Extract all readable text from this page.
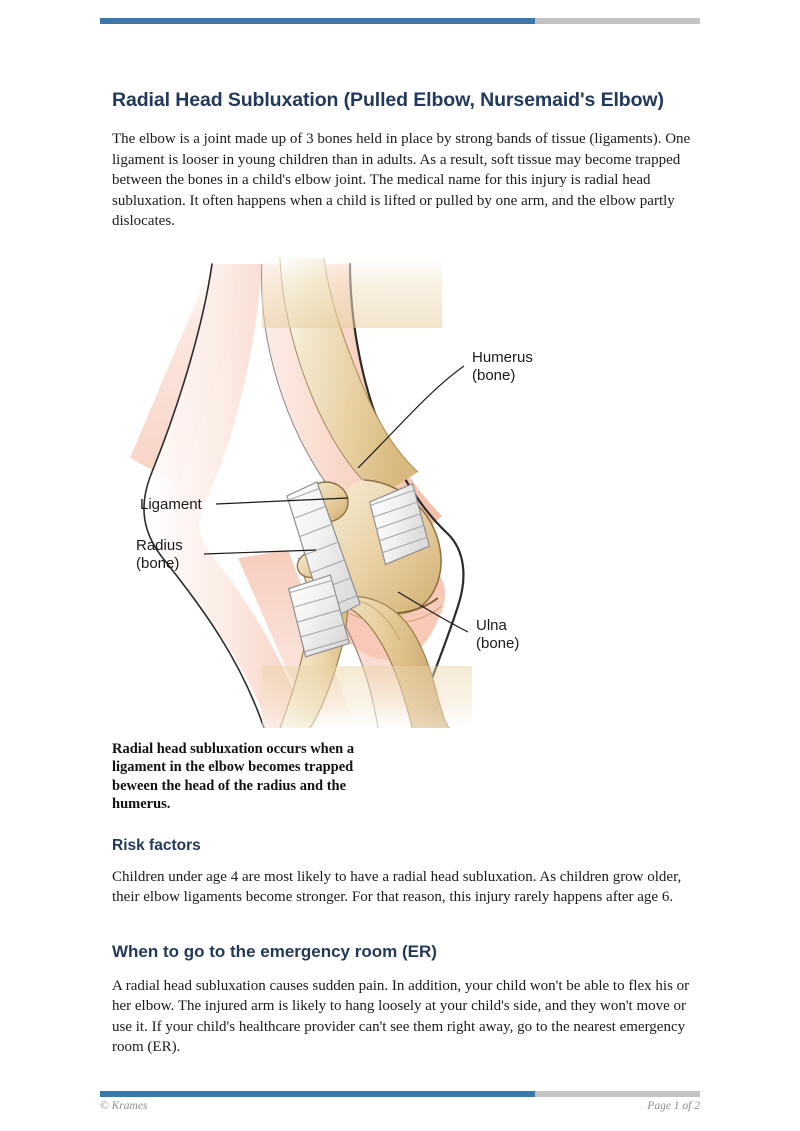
Radial Head Subluxation (Pulled Elbow, Nursemaid's Elbow)

The elbow is a joint made up of 3 bones held in place by strong bands of tissue (ligaments). One ligament is looser in young children than in adults. As a result, soft tissue may become trapped between the bones in a child's elbow joint. The medical name for this injury is radial head subluxation. It often happens when a child is lifted or pulled by one arm, and the elbow partly dislocates.

Humerus
(bone)
Ligament
Radius
(bone)
Ulna
(bone)

Radial head subluxation occurs when a ligament in the elbow becomes trapped beween the head of the radius and the humerus.

Risk factors

Children under age 4 are most likely to have a radial head subluxation. As children grow older, their elbow ligaments become stronger. For that reason, this injury rarely happens after age 6.

When to go to the emergency room (ER)

A radial head subluxation causes sudden pain. In addition, your child won't be able to flex his or her elbow. The injured arm is likely to hang loosely at your child's side, and they won't move or use it. If your child's healthcare provider can't see them right away, go to the nearest emergency room (ER).

© Krames	Page 1 of 2
